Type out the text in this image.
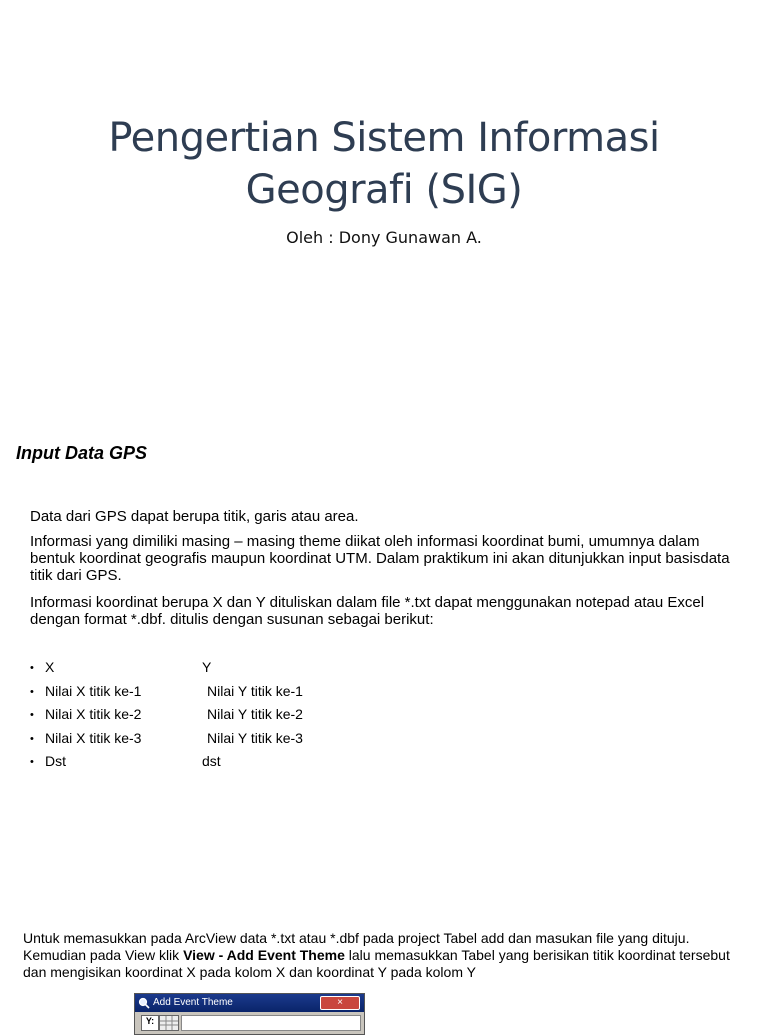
Pengertian Sistem Informasi
Geografi (SIG)
Oleh : Dony Gunawan A.
Input Data GPS

Data dari GPS dapat berupa titik, garis atau area.

Informasi yang dimiliki masing – masing theme diikat oleh informasi koordinat bumi, umumnya dalam bentuk koordinat geografis maupun koordinat UTM. Dalam praktikum ini akan ditunjukkan input basisdata titik dari GPS.

Informasi koordinat berupa X dan Y dituliskan dalam file *.txt dapat menggunakan notepad atau Excel dengan format *.dbf. ditulis dengan susunan sebagai berikut:

• X	Y
• Nilai X titik ke-1	Nilai Y titik ke-1
• Nilai X titik ke-2	Nilai Y titik ke-2
• Nilai X titik ke-3	Nilai Y titik ke-3
• Dst	dst

Untuk memasukkan pada ArcView data *.txt atau *.dbf pada project Tabel add dan masukan file yang dituju. Kemudian pada View klik View - Add Event Theme lalu memasukkan Tabel yang berisikan titik koordinat tersebut dan mengisikan koordinat X pada kolom X dan koordinat Y pada kolom Y

Add Event Theme	×
Y:
